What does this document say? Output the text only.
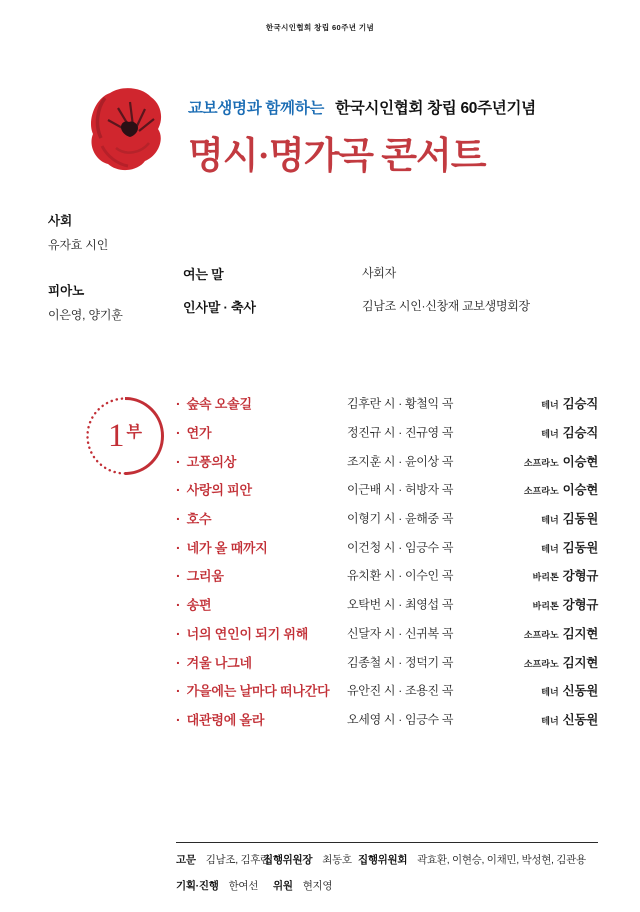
한국시인협회 창립 60주년 기념
교보생명과 함께하는 한국시인협회 창립 60주년기념
명시·명가곡 콘서트
사회
유자효 시인
피아노
이은영, 양기훈
여는 말	사회자
인사말 · 축사	김남조 시인·신창재 교보생명회장
1 부
· 숲속 오솔길	김후란 시 · 황철익 곡	테너 김승직
· 연가	정진규 시 · 진규영 곡	테너 김승직
· 고풍의상	조지훈 시 · 윤이상 곡	소프라노 이승현
· 사랑의 피안	이근배 시 · 허방자 곡	소프라노 이승현
· 호수	이형기 시 · 윤해중 곡	테너 김동원
· 네가 올 때까지	이건청 시 · 임긍수 곡	테너 김동원
· 그리움	유치환 시 · 이수인 곡	바리톤 강형규
· 송편	오탁번 시 · 최영섭 곡	바리톤 강형규
· 너의 연인이 되기 위해	신달자 시 · 신귀복 곡	소프라노 김지현
· 겨울 나그네	김종철 시 · 정덕기 곡	소프라노 김지현
· 가을에는 날마다 떠나간다 유안진 시 · 조용진 곡	테너 신동원
· 대관령에 올라	오세영 시 · 임긍수 곡	테너 신동원
고문 김남조, 김후란
집행위원장 최동호 집행위원회 곽효환, 이현승, 이채민, 박성현, 김관용
기획·진행 한여선 위원 현지영
